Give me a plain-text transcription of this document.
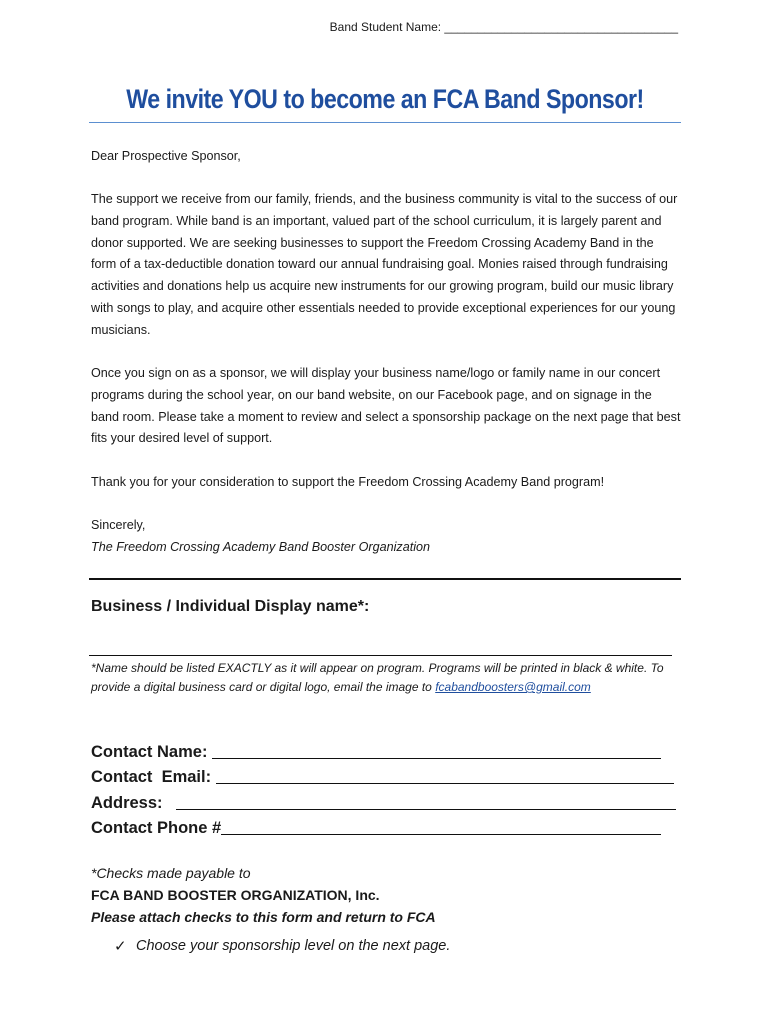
Band Student Name: ___________________________________
We invite YOU to become an FCA Band Sponsor!

Dear Prospective Sponsor,

The support we receive from our family, friends, and the business community is vital to the success of our band program. While band is an important, valued part of the school curriculum, it is largely parent and donor supported. We are seeking businesses to support the Freedom Crossing Academy Band in the form of a tax-deductible donation toward our annual fundraising goal. Monies raised through fundraising activities and donations help us acquire new instruments for our growing program, build our music library with songs to play, and acquire other essentials needed to provide exceptional experiences for our young musicians.

Once you sign on as a sponsor, we will display your business name/logo or family name in our concert programs during the school year, on our band website, on our Facebook page, and on signage in the band room. Please take a moment to review and select a sponsorship package on the next page that best fits your desired level of support.

Thank you for your consideration to support the Freedom Crossing Academy Band program!

Sincerely,
The Freedom Crossing Academy Band Booster Organization

Business / Individual Display name*:

*Name should be listed EXACTLY as it will appear on program. Programs will be printed in black & white. To provide a digital business card or digital logo, email the image to fcabandboosters@gmail.com

Contact Name:
Contact  Email:
Address:
Contact Phone #

*Checks made payable to
FCA BAND BOOSTER ORGANIZATION, Inc.
Please attach checks to this form and return to FCA

✓ Choose your sponsorship level on the next page.
